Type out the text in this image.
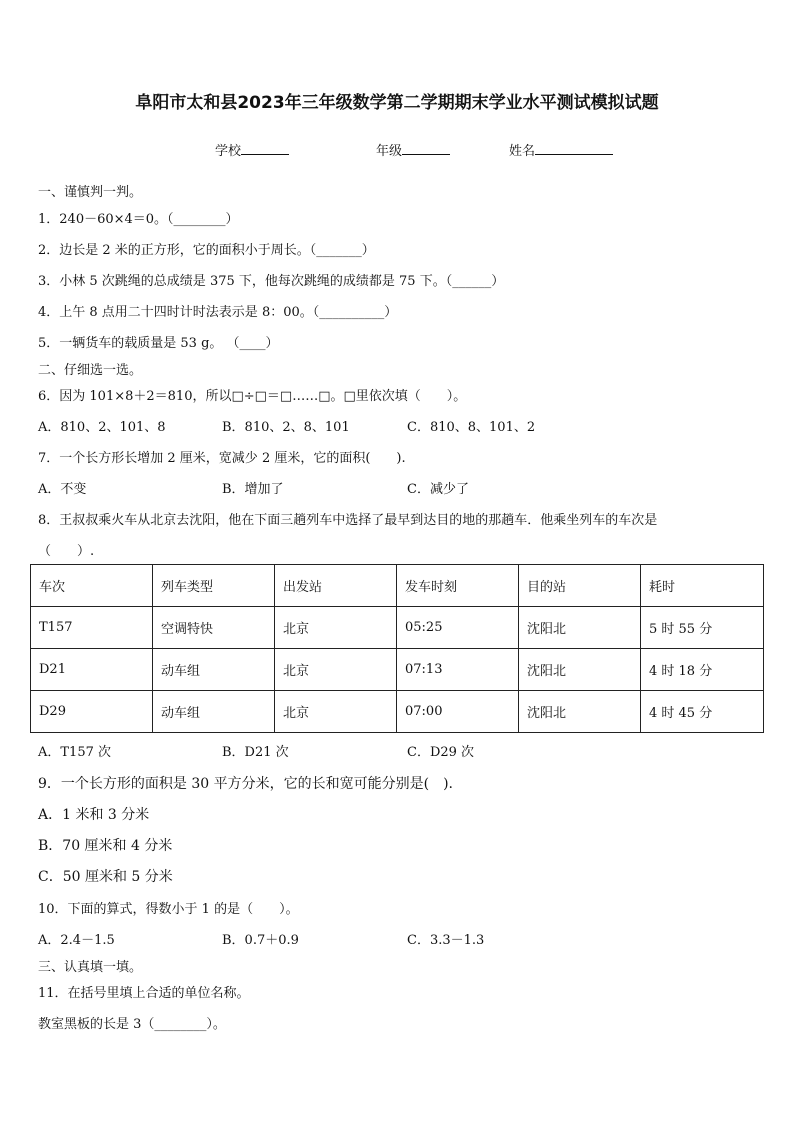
阜阳市太和县2023年三年级数学第二学期期末学业水平测试模拟试题
学校	年级	姓名
一、谨慎判一判。
1．240－60×4＝0。（________）
2．边长是 2 米的正方形，它的面积小于周长。（_______）
3．小林 5 次跳绳的总成绩是 375 下，他每次跳绳的成绩都是 75 下。（______）
4．上午 8 点用二十四时计时法表示是 8：00。（__________）
5．一辆货车的载质量是 53 g。 （____）
二、仔细选一选。
6．因为 101×8＋2＝810，所以□÷□＝□……□。□里依次填（　　）。
A．810、2、101、8	B．810、2、8、101	C．810、8、101、2
7．一个长方形长增加 2 厘米，宽减少 2 厘米，它的面积(　　).
A．不变	B．增加了	C．减少了
8．王叔叔乘火车从北京去沈阳，他在下面三趟列车中选择了最早到达目的地的那趟车．他乘坐列车的车次是
（　　）.
车次	列车类型	出发站	发车时刻	目的站	耗时
T157	空调特快	北京	05:25	沈阳北	5 时 55 分
D21	动车组	北京	07:13	沈阳北	4 时 18 分
D29	动车组	北京	07:00	沈阳北	4 时 45 分
A．T157 次	B．D21 次	C．D29 次
9．一个长方形的面积是 30 平方分米，它的长和宽可能分别是(　).
A．1 米和 3 分米
B．70 厘米和 4 分米
C．50 厘米和 5 分米
10．下面的算式，得数小于 1 的是（　　）。
A．2.4－1.5	B．0.7＋0.9	C．3.3－1.3
三、认真填一填。
11．在括号里填上合适的单位名称。
教室黑板的长是 3（________）。
